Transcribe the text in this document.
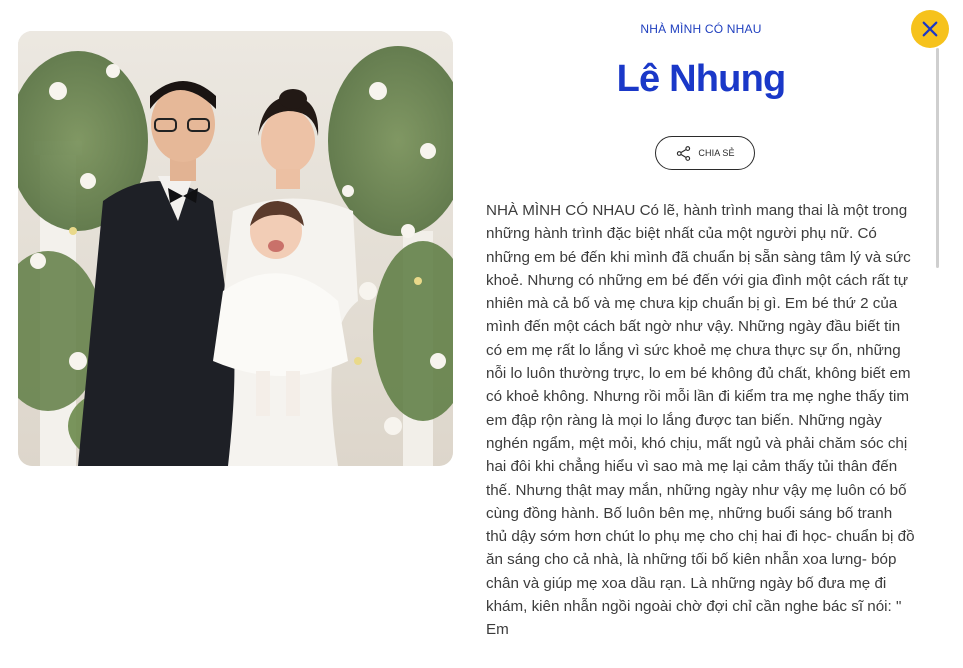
NHÀ MÌNH CÓ NHAU
Lê Nhung
CHIA SẺ

NHÀ MÌNH CÓ NHAU Có lẽ, hành trình mang thai là một trong những hành trình đặc biệt nhất của một người phụ nữ. Có những em bé đến khi mình đã chuẩn bị sẵn sàng tâm lý và sức khoẻ. Nhưng có những em bé đến với gia đình một cách rất tự nhiên mà cả bố và mẹ chưa kịp chuẩn bị gì. Em bé thứ 2 của mình đến một cách bất ngờ như vậy. Những ngày đầu biết tin có em mẹ rất lo lắng vì sức khoẻ mẹ chưa thực sự ổn, những nỗi lo luôn thường trực, lo em bé không đủ chất, không biết em có khoẻ không. Nhưng rồi mỗi lần đi kiểm tra mẹ nghe thấy tim em đập rộn ràng là mọi lo lắng được tan biến. Những ngày nghén ngẩm, mệt mỏi, khó chịu, mất ngủ và phải chăm sóc chị hai đôi khi chẳng hiểu vì sao mà mẹ lại cảm thấy tủi thân đến thế. Nhưng thật may mắn, những ngày như vậy mẹ luôn có bố cùng đồng hành. Bố luôn bên mẹ, những buổi sáng bố tranh thủ dậy sớm hơn chút lo phụ mẹ cho chị hai đi học- chuẩn bị đồ ăn sáng cho cả nhà, là những tối bố kiên nhẫn xoa lưng- bóp chân và giúp mẹ xoa dầu rạn. Là những ngày bố đưa mẹ đi khám, kiên nhẫn ngồi ngoài chờ đợi chỉ cần nghe bác sĩ nói: " Em
